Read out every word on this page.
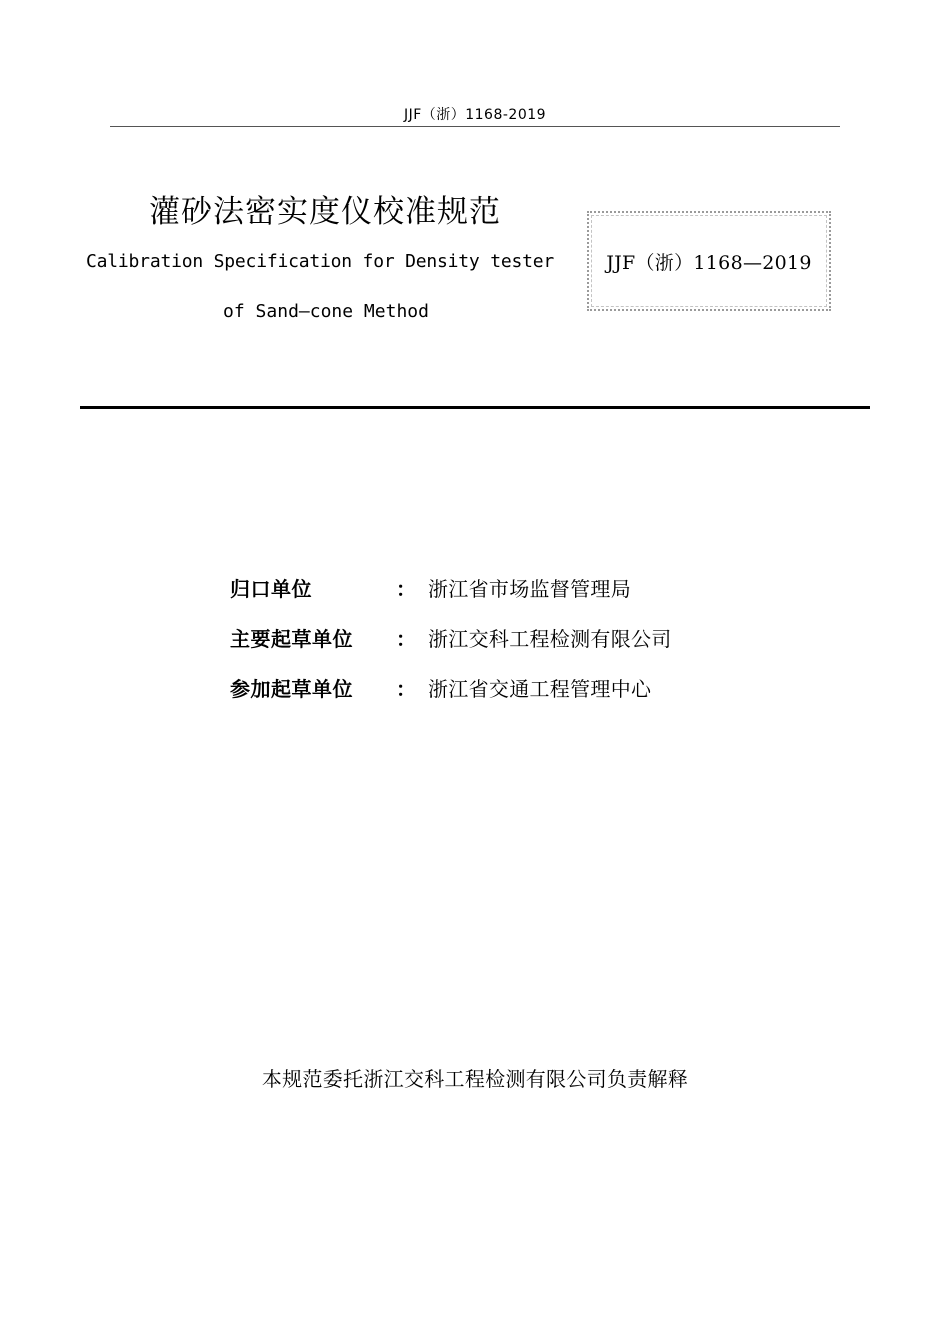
JJF（浙）1168-2019
灌砂法密实度仪校准规范
Calibration Specification for Density tester
of Sand—cone Method
JJF（浙）1168—2019
归口单位	： 浙江省市场监督管理局
主要起草单位 ： 浙江交科工程检测有限公司
参加起草单位 ： 浙江省交通工程管理中心
本规范委托浙江交科工程检测有限公司负责解释
